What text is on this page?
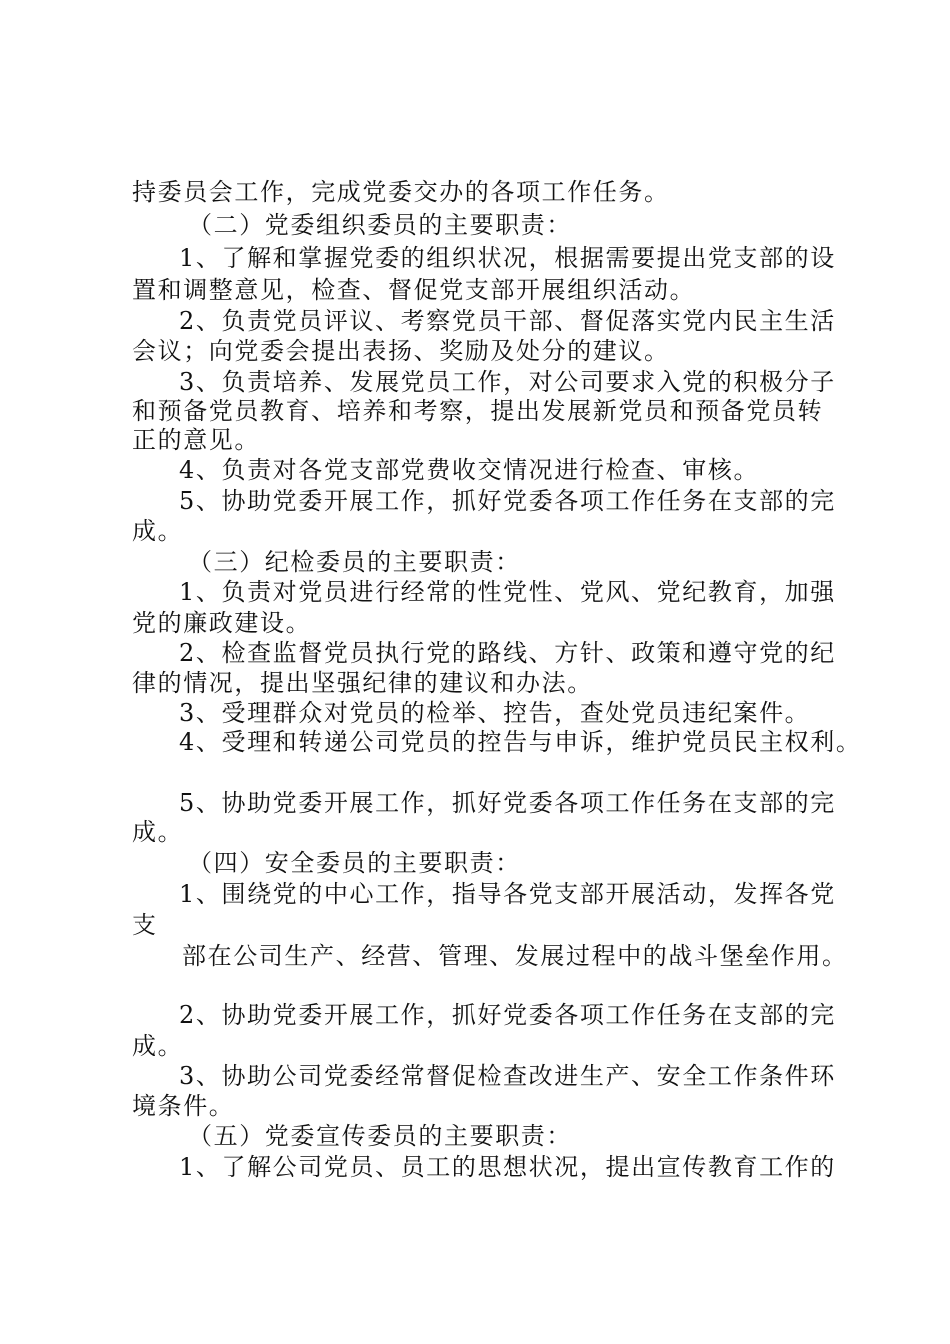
持委员会工作，完成党委交办的各项工作任务。
（二）党委组织委员的主要职责：
1、了解和掌握党委的组织状况，根据需要提出党支部的设
置和调整意见，检查、督促党支部开展组织活动。
2、负责党员评议、考察党员干部、督促落实党内民主生活
会议；向党委会提出表扬、奖励及处分的建议。
3、负责培养、发展党员工作，对公司要求入党的积极分子
和预备党员教育、培养和考察，提出发展新党员和预备党员转
正的意见。
4、负责对各党支部党费收交情况进行检查、审核。
5、协助党委开展工作，抓好党委各项工作任务在支部的完
成。
（三）纪检委员的主要职责：
1、负责对党员进行经常的性党性、党风、党纪教育，加强
党的廉政建设。
2、检查监督党员执行党的路线、方针、政策和遵守党的纪
律的情况，提出坚强纪律的建议和办法。
3、受理群众对党员的检举、控告，查处党员违纪案件。
4、受理和转递公司党员的控告与申诉，维护党员民主权利。
5、协助党委开展工作，抓好党委各项工作任务在支部的完
成。
（四）安全委员的主要职责：
1、围绕党的中心工作，指导各党支部开展活动，发挥各党
支
部在公司生产、经营、管理、发展过程中的战斗堡垒作用。
2、协助党委开展工作，抓好党委各项工作任务在支部的完
成。
3、协助公司党委经常督促检查改进生产、安全工作条件环
境条件。
（五）党委宣传委员的主要职责：
1、了解公司党员、员工的思想状况，提出宣传教育工作的
